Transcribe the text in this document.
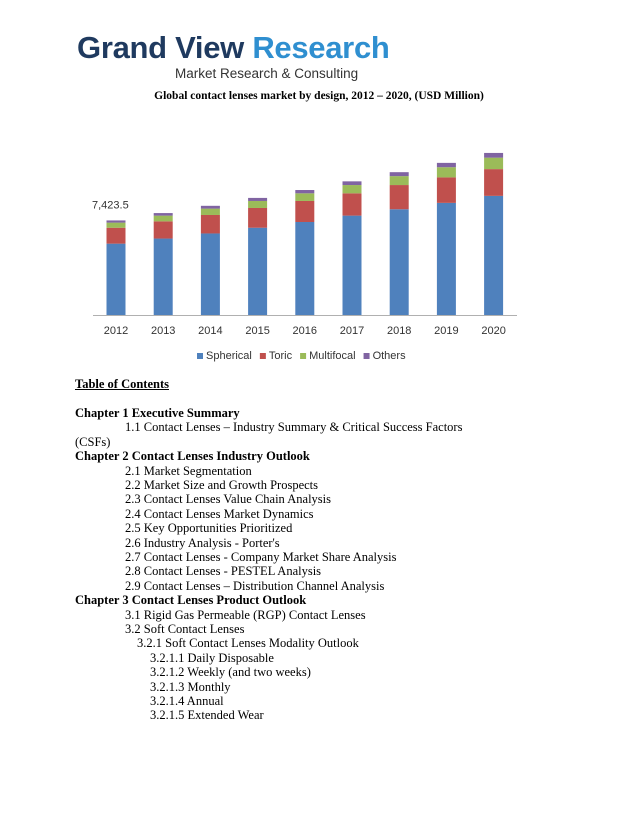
Grand View Research
Market Research & Consulting
Global contact lenses market by design, 2012 – 2020, (USD Million)
2012
7,423.5
2013 2014 2015 2016 2017 2018 2019 2020
Spherical Toric Multifocal Others
Table of Contents
Chapter 1 Executive Summary
1.1 Contact Lenses – Industry Summary & Critical Success Factors
(CSFs)
Chapter 2 Contact Lenses Industry Outlook
2.1 Market Segmentation
2.2 Market Size and Growth Prospects
2.3 Contact Lenses Value Chain Analysis
2.4 Contact Lenses Market Dynamics
2.5 Key Opportunities Prioritized
2.6 Industry Analysis - Porter's
2.7 Contact Lenses - Company Market Share Analysis
2.8 Contact Lenses - PESTEL Analysis
2.9 Contact Lenses – Distribution Channel Analysis
Chapter 3 Contact Lenses Product Outlook
3.1 Rigid Gas Permeable (RGP) Contact Lenses
3.2 Soft Contact Lenses
3.2.1 Soft Contact Lenses Modality Outlook
3.2.1.1 Daily Disposable
3.2.1.2 Weekly (and two weeks)
3.2.1.3 Monthly
3.2.1.4 Annual
3.2.1.5 Extended Wear
